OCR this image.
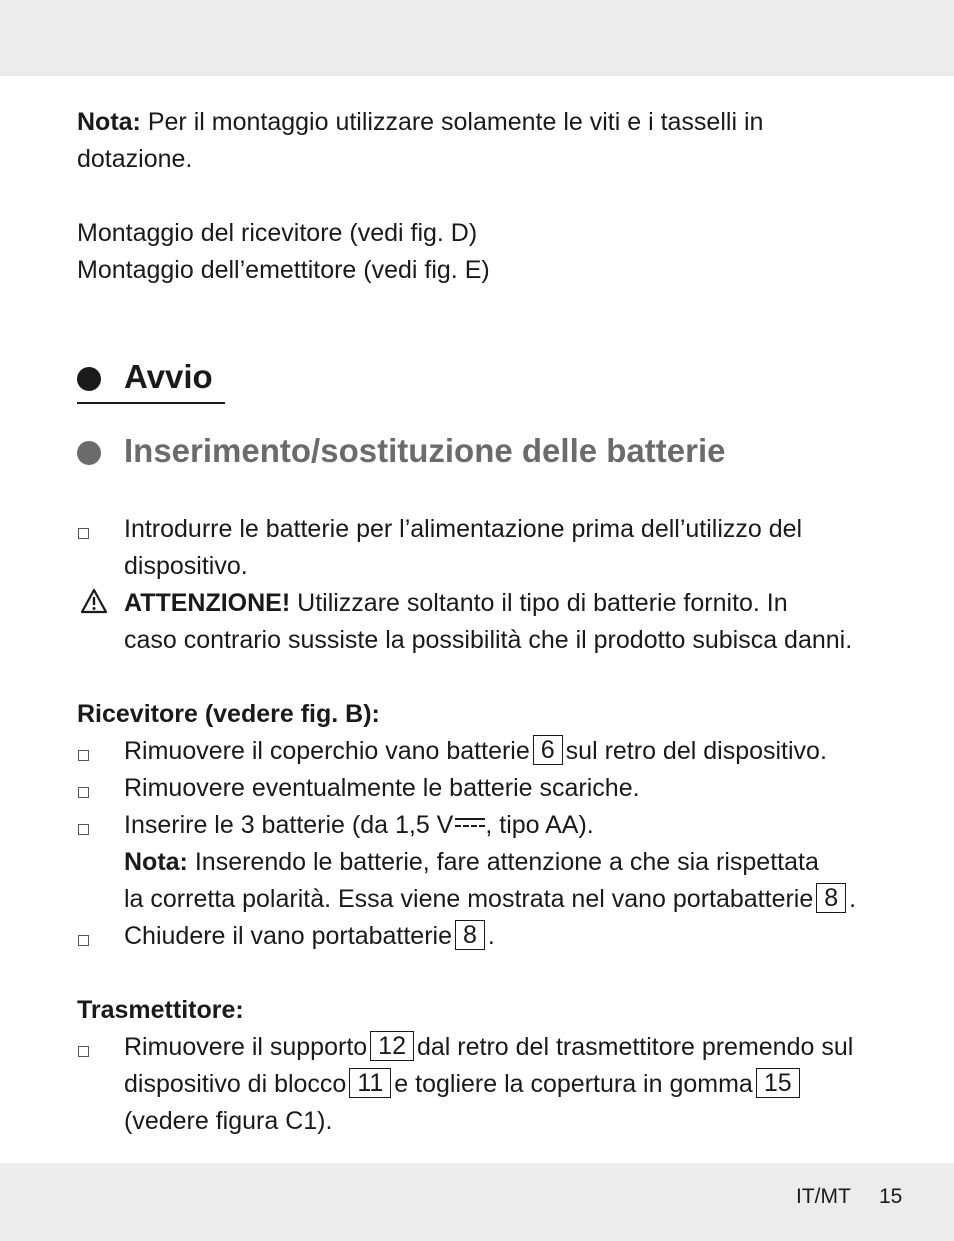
Nota: Per il montaggio utilizzare solamente le viti e i tasselli in
dotazione.
Montaggio del ricevitore (vedi fig. D)
Montaggio dell’emettitore (vedi fig. E)
Avvio
Inserimento/sostituzione delle batterie
Introdurre le batterie per l’alimentazione prima dell’utilizzo del
dispositivo.
ATTENZIONE! Utilizzare soltanto il tipo di batterie fornito. In
caso contrario sussiste la possibilità che il prodotto subisca danni.
Ricevitore (vedere fig. B):
Rimuovere il coperchio vano batterie 6 sul retro del dispositivo.
Rimuovere eventualmente le batterie scariche.
Inserire le 3 batterie (da 1,5 V , tipo AA).
Nota: Inserendo le batterie, fare attenzione a che sia rispettata
la corretta polarità. Essa viene mostrata nel vano portabatterie 8 .
Chiudere il vano portabatterie 8 .
Trasmettitore:
Rimuovere il supporto 12 dal retro del trasmettitore premendo sul
dispositivo di blocco 11 e togliere la copertura in gomma 15
(vedere figura C1).
IT/MT 15
